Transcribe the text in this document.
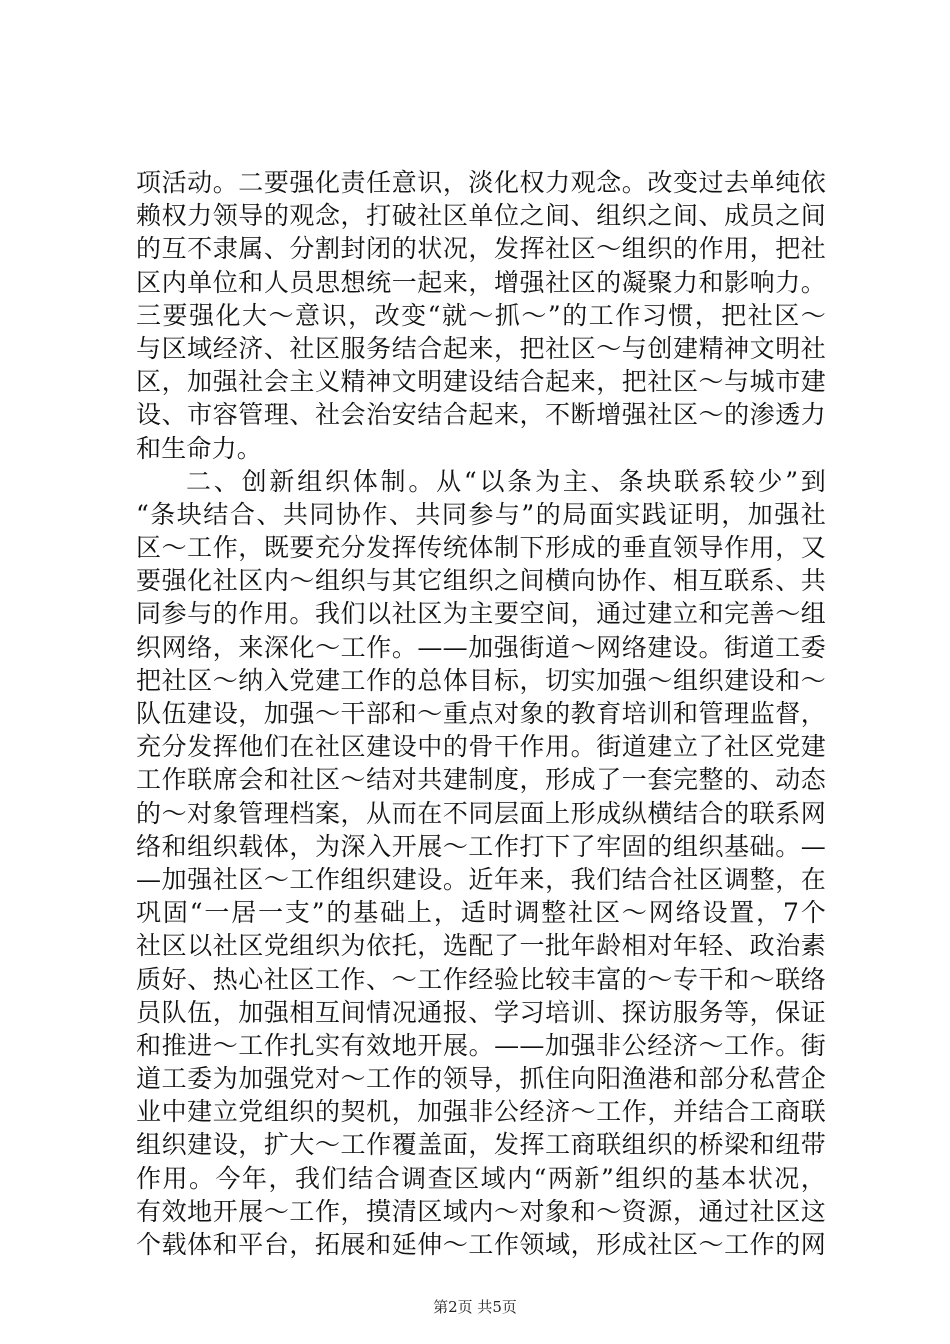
项活动。二要强化责任意识，淡化权力观念。改变过去单纯依
赖权力领导的观念，打破社区单位之间、组织之间、成员之间
的互不隶属、分割封闭的状况，发挥社区～组织的作用，把社
区内单位和人员思想统一起来，增强社区的凝聚力和影响力。
三要强化大～意识，改变“就～抓～”的工作习惯，把社区～
与区域经济、社区服务结合起来，把社区～与创建精神文明社
区，加强社会主义精神文明建设结合起来，把社区～与城市建
设、市容管理、社会治安结合起来，不断增强社区～的渗透力
和生命力。
二、创新组织体制。从“以条为主、条块联系较少”到
“条块结合、共同协作、共同参与”的局面实践证明，加强社
区～工作，既要充分发挥传统体制下形成的垂直领导作用，又
要强化社区内～组织与其它组织之间横向协作、相互联系、共
同参与的作用。我们以社区为主要空间，通过建立和完善～组
织网络，来深化～工作。——加强街道～网络建设。街道工委
把社区～纳入党建工作的总体目标，切实加强～组织建设和～
队伍建设，加强～干部和～重点对象的教育培训和管理监督，
充分发挥他们在社区建设中的骨干作用。街道建立了社区党建
工作联席会和社区～结对共建制度，形成了一套完整的、动态
的～对象管理档案，从而在不同层面上形成纵横结合的联系网
络和组织载体，为深入开展～工作打下了牢固的组织基础。—
—加强社区～工作组织建设。近年来，我们结合社区调整，在
巩固“一居一支”的基础上，适时调整社区～网络设置，7个
社区以社区党组织为依托，选配了一批年龄相对年轻、政治素
质好、热心社区工作、～工作经验比较丰富的～专干和～联络
员队伍，加强相互间情况通报、学习培训、探访服务等，保证
和推进～工作扎实有效地开展。——加强非公经济～工作。街
道工委为加强党对～工作的领导，抓住向阳渔港和部分私营企
业中建立党组织的契机，加强非公经济～工作，并结合工商联
组织建设，扩大～工作覆盖面，发挥工商联组织的桥梁和纽带
作用。今年，我们结合调查区域内“两新”组织的基本状况，
有效地开展～工作，摸清区域内～对象和～资源，通过社区这
个载体和平台，拓展和延伸～工作领域，形成社区～工作的网
第2页 共5页
